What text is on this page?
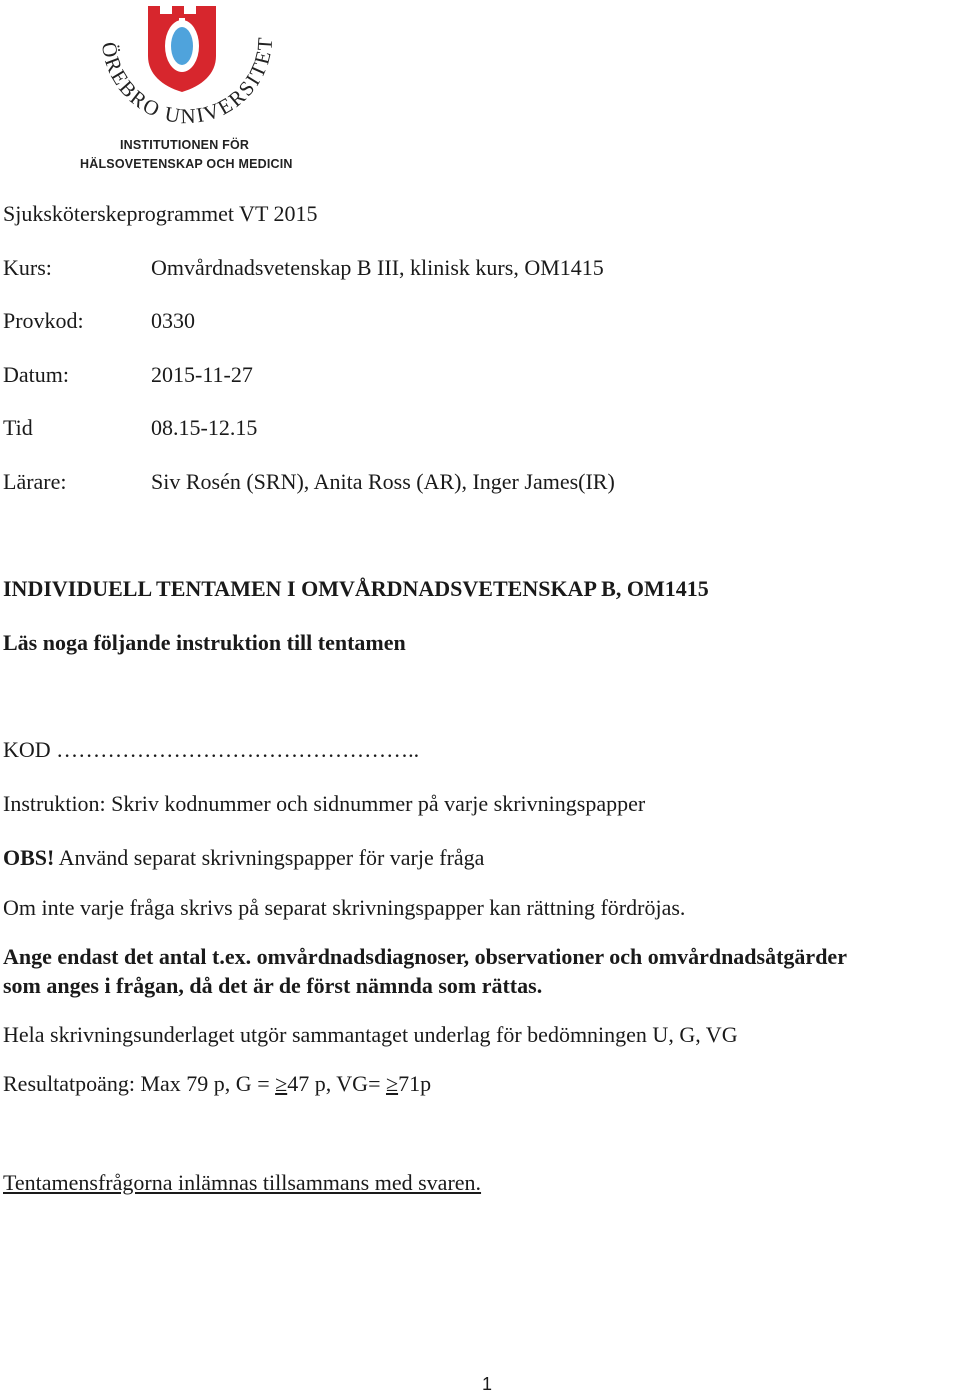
ÖREBRO UNIVERSITET
INSTITUTIONEN FÖR
HÄLSOVETENSKAP OCH MEDICIN
Sjuksköterskeprogrammet VT 2015
Kurs:	Omvårdnadsvetenskap B III, klinisk kurs, OM1415
Provkod:	0330
Datum:	2015-11-27
Tid	08.15-12.15
Lärare:	Siv Rosén (SRN), Anita Ross (AR), Inger James(IR)
INDIVIDUELL TENTAMEN I OMVÅRDNADSVETENSKAP B, OM1415
Läs noga följande instruktion till tentamen
KOD …………………………………………..
Instruktion: Skriv kodnummer och sidnummer på varje skrivningspapper
OBS! Använd separat skrivningspapper för varje fråga
Om inte varje fråga skrivs på separat skrivningspapper kan rättning fördröjas.
Ange endast det antal t.ex. omvårdnadsdiagnoser, observationer och omvårdnadsåtgärder
som anges i frågan, då det är de först nämnda som rättas.
Hela skrivningsunderlaget utgör sammantaget underlag för bedömningen U, G, VG
Resultatpoäng: Max 79 p, G = ≥47 p, VG= ≥71p
Tentamensfrågorna inlämnas tillsammans med svaren.
1
